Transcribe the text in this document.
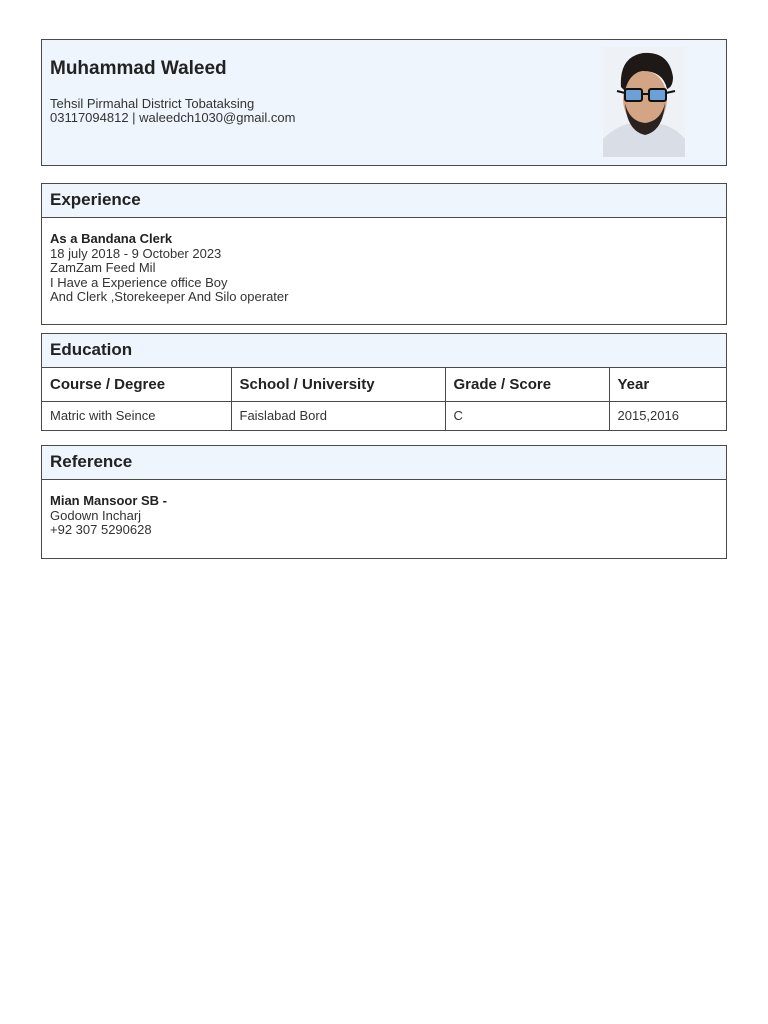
Muhammad Waleed
Tehsil Pirmahal District Tobataksing
03117094812 | waleedch1030@gmail.com
Experience
As a Bandana Clerk
18 july 2018 - 9 October 2023
ZamZam Feed Mil
I Have a Experience office Boy
And Clerk ,Storekeeper And Silo operater
Education
Course / Degree	School / University	Grade / Score	Year
Matric with Seince	Faislabad Bord	C	2015,2016
Reference
Mian Mansoor SB -
Godown Incharj
+92 307 5290628
